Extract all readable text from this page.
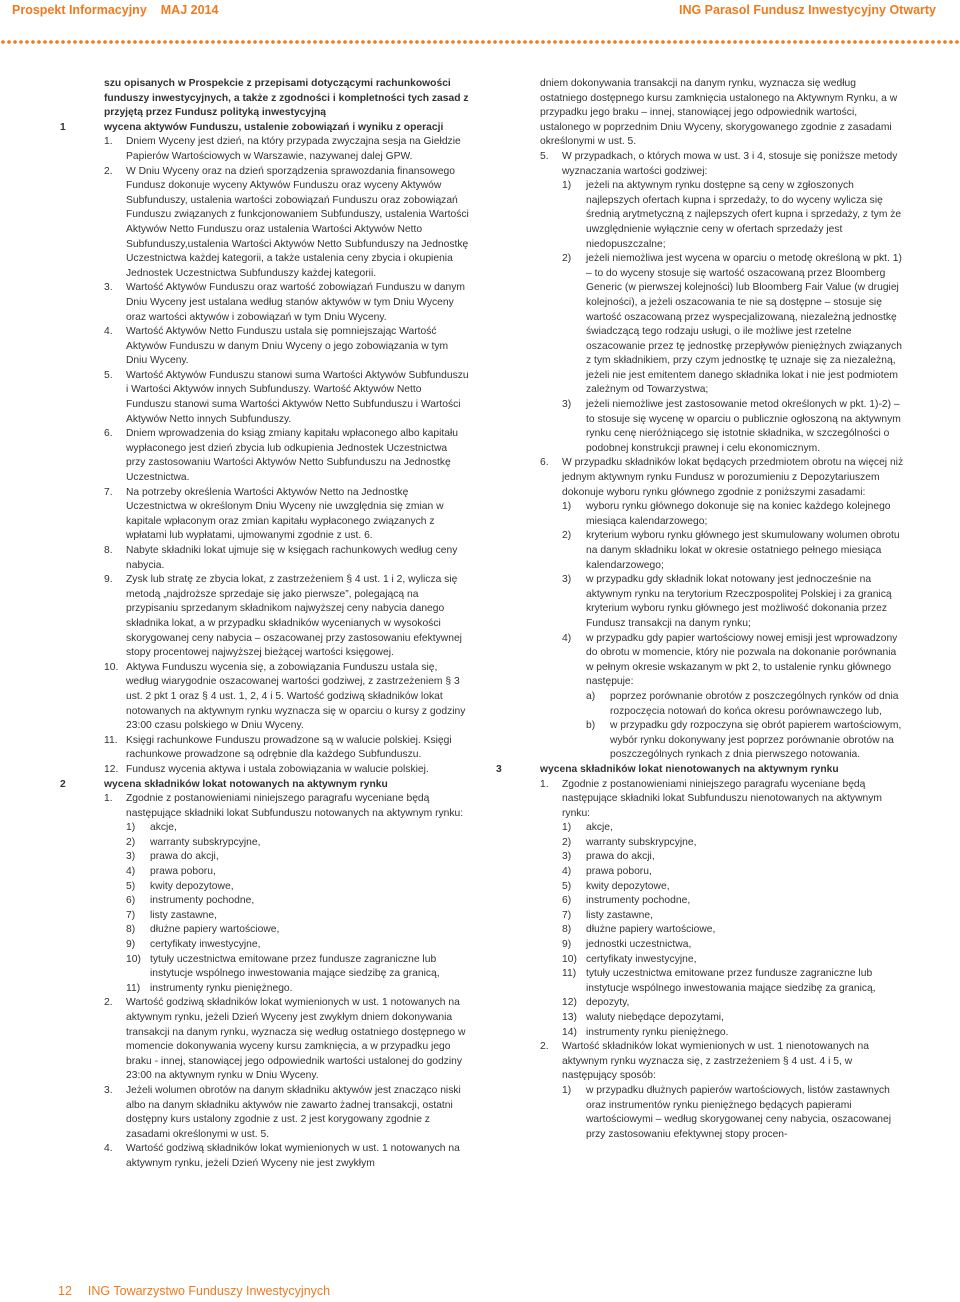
Prospekt Informacyjny MAJ 2014	ING Parasol Fundusz Inwestycyjny Otwarty

szu opisanych w Prospekcie z przepisami dotyczącymi rachunkowości funduszy inwestycyjnych, a także z zgodności i kompletności tych zasad z przyjętą przez Fundusz polityką inwestycyjną

1	wycena aktywów Funduszu, ustalenie zobowiązań i wyniku z operacji

1. Dniem Wyceny jest dzień, na który przypada zwyczajna sesja na Giełdzie Papierów Wartościowych w Warszawie, nazywanej dalej GPW.
2. W Dniu Wyceny oraz na dzień sporządzenia sprawozdania finansowego Fundusz dokonuje wyceny Aktywów Funduszu oraz wyceny Aktywów Subfunduszy, ustalenia wartości zobowiązań Funduszu oraz zobowiązań Funduszu związanych z funkcjonowaniem Subfunduszy, ustalenia Wartości Aktywów Netto Funduszu oraz ustalenia Wartości Aktywów Netto Subfunduszy,ustalenia Wartości Aktywów Netto Subfunduszy na Jednostkę Uczestnictwa każdej kategorii, a także ustalenia ceny zbycia i okupienia Jednostek Uczestnictwa Subfunduszy każdej kategorii.
3. Wartość Aktywów Funduszu oraz wartość zobowiązań Funduszu w danym Dniu Wyceny jest ustalana według stanów aktywów w tym Dniu Wyceny oraz wartości aktywów i zobowiązań w tym Dniu Wyceny.
4. Wartość Aktywów Netto Funduszu ustala się pomniejszając Wartość Aktywów Funduszu w danym Dniu Wyceny o jego zobowiązania w tym Dniu Wyceny.
5. Wartość Aktywów Funduszu stanowi suma Wartości Aktywów Subfunduszu i Wartości Aktywów innych Subfunduszy. Wartość Aktywów Netto Funduszu stanowi suma Wartości Aktywów Netto Subfunduszu i Wartości Aktywów Netto innych Subfunduszy.
6. Dniem wprowadzenia do ksiąg zmiany kapitału wpłaconego albo kapitału wypłaconego jest dzień zbycia lub odkupienia Jednostek Uczestnictwa przy zastosowaniu Wartości Aktywów Netto Subfunduszu na Jednostkę Uczestnictwa.
7. Na potrzeby określenia Wartości Aktywów Netto na Jednostkę Uczestnictwa w określonym Dniu Wyceny nie uwzględnia się zmian w kapitale wpłaconym oraz zmian kapitału wypłaconego związanych z wpłatami lub wypłatami, ujmowanymi zgodnie z ust. 6.
8. Nabyte składniki lokat ujmuje się w księgach rachunkowych według ceny nabycia.
9. Zysk lub stratę ze zbycia lokat, z zastrzeżeniem § 4 ust. 1 i 2, wylicza się metodą „najdroższe sprzedaje się jako pierwsze”, polegającą na przypisaniu sprzedanym składnikom najwyższej ceny nabycia danego składnika lokat, a w przypadku składników wycenianych w wysokości skorygowanej ceny nabycia – oszacowanej przy zastosowaniu efektywnej stopy procentowej najwyższej bieżącej wartości księgowej.
10. Aktywa Funduszu wycenia się, a zobowiązania Funduszu ustala się, według wiarygodnie oszacowanej wartości godziwej, z zastrzeżeniem § 3 ust. 2 pkt 1 oraz § 4 ust. 1, 2, 4 i 5. Wartość godziwą składników lokat notowanych na aktywnym rynku wyznacza się w oparciu o kursy z godziny 23:00 czasu polskiego w Dniu Wyceny.
11. Księgi rachunkowe Funduszu prowadzone są w walucie polskiej. Księgi rachunkowe prowadzone są odrębnie dla każdego Subfunduszu.
12. Fundusz wycenia aktywa i ustala zobowiązania w walucie polskiej.
2	wycena składników lokat notowanych na aktywnym rynku

1. Zgodnie z postanowieniami niniejszego paragrafu wyceniane będą następujące składniki lokat Subfunduszu notowanych na aktywnym rynku:
1) akcje,
2) warranty subskrypcyjne,
3) prawa do akcji,
4) prawa poboru,
5) kwity depozytowe,
6) instrumenty pochodne,
7) listy zastawne,
8) dłużne papiery wartościowe,
9) certyfikaty inwestycyjne,
10) tytuły uczestnictwa emitowane przez fundusze zagraniczne lub instytucje wspólnego inwestowania mające siedzibę za granicą,
11) instrumenty rynku pieniężnego.
2. Wartość godziwą składników lokat wymienionych w ust. 1 notowanych na aktywnym rynku, jeżeli Dzień Wyceny jest zwykłym dniem dokonywania transakcji na danym rynku, wyznacza się według ostatniego dostępnego w momencie dokonywania wyceny kursu zamknięcia, a w przypadku jego braku - innej, stanowiącej jego odpowiednik wartości ustalonej do godziny 23:00 na aktywnym rynku w Dniu Wyceny.
3. Jeżeli wolumen obrotów na danym składniku aktywów jest znacząco niski albo na danym składniku aktywów nie zawarto żadnej transakcji, ostatni dostępny kurs ustalony zgodnie z ust. 2 jest korygowany zgodnie z zasadami określonymi w ust. 5.
4. Wartość godziwą składników lokat wymienionych w ust. 1 notowanych na aktywnym rynku, jeżeli Dzień Wyceny nie jest zwykłym

dniem dokonywania transakcji na danym rynku, wyznacza się według ostatniego dostępnego kursu zamknięcia ustalonego na Aktywnym Rynku, a w przypadku jego braku – innej, stanowiącej jego odpowiednik wartości, ustalonego w poprzednim Dniu Wyceny, skorygowanego zgodnie z zasadami określonymi w ust. 5.

5. W przypadkach, o których mowa w ust. 3 i 4, stosuje się poniższe metody wyznaczania wartości godziwej:
1) jeżeli na aktywnym rynku dostępne są ceny w zgłoszonych najlepszych ofertach kupna i sprzedaży, to do wyceny wylicza się średnią arytmetyczną z najlepszych ofert kupna i sprzedaży, z tym że uwzględnienie wyłącznie ceny w ofertach sprzedaży jest niedopuszczalne;
2) jeżeli niemożliwa jest wycena w oparciu o metodę określoną w pkt. 1) – to do wyceny stosuje się wartość oszacowaną przez Bloomberg Generic (w pierwszej kolejności) lub Bloomberg Fair Value (w drugiej kolejności), a jeżeli oszacowania te nie są dostępne – stosuje się wartość oszacowaną przez wyspecjalizowaną, niezależną jednostkę świadczącą tego rodzaju usługi, o ile możliwe jest rzetelne oszacowanie przez tę jednostkę przepływów pieniężnych związanych z tym składnikiem, przy czym jednostkę tę uznaje się za niezależną, jeżeli nie jest emitentem danego składnika lokat i nie jest podmiotem zależnym od Towarzystwa;
3) jeżeli niemożliwe jest zastosowanie metod określonych w pkt. 1)-2) – to stosuje się wycenę w oparciu o publicznie ogłoszoną na aktywnym rynku cenę nieróżniącego się istotnie składnika, w szczególności o podobnej konstrukcji prawnej i celu ekonomicznym.
6. W przypadku składników lokat będących przedmiotem obrotu na więcej niż jednym aktywnym rynku Fundusz w porozumieniu z Depozytariuszem dokonuje wyboru rynku głównego zgodnie z poniższymi zasadami:
1) wyboru rynku głównego dokonuje się na koniec każdego kolejnego miesiąca kalendarzowego;
2) kryterium wyboru rynku głównego jest skumulowany wolumen obrotu na danym składniku lokat w okresie ostatniego pełnego miesiąca kalendarzowego;
3) w przypadku gdy składnik lokat notowany jest jednocześnie na aktywnym rynku na terytorium Rzeczpospolitej Polskiej i za granicą kryterium wyboru rynku głównego jest możliwość dokonania przez Fundusz transakcji na danym rynku;
4) w przypadku gdy papier wartościowy nowej emisji jest wprowadzony do obrotu w momencie, który nie pozwala na dokonanie porównania w pełnym okresie wskazanym w pkt 2, to ustalenie rynku głównego następuje:
a) poprzez porównanie obrotów z poszczególnych rynków od dnia rozpoczęcia notowań do końca okresu porównawczego lub,
b) w przypadku gdy rozpoczyna się obrót papierem wartościowym, wybór rynku dokonywany jest poprzez porównanie obrotów na poszczególnych rynkach z dnia pierwszego notowania.
3	wycena składników lokat nienotowanych na aktywnym rynku

1. Zgodnie z postanowieniami niniejszego paragrafu wyceniane będą następujące składniki lokat Subfunduszu nienotowanych na aktywnym rynku:
1) akcje,
2) warranty subskrypcyjne,
3) prawa do akcji,
4) prawa poboru,
5) kwity depozytowe,
6) instrumenty pochodne,
7) listy zastawne,
8) dłużne papiery wartościowe,
9) jednostki uczestnictwa,
10) certyfikaty inwestycyjne,
11) tytuły uczestnictwa emitowane przez fundusze zagraniczne lub instytucje wspólnego inwestowania mające siedzibę za granicą,
12) depozyty,
13) waluty niebędące depozytami,
14) instrumenty rynku pieniężnego.
2. Wartość składników lokat wymienionych w ust. 1 nienotowanych na aktywnym rynku wyznacza się, z zastrzeżeniem § 4 ust. 4 i 5, w następujący sposób:
1) w przypadku dłużnych papierów wartościowych, listów zastawnych oraz instrumentów rynku pieniężnego będących papierami wartościowymi – według skorygowanej ceny nabycia, oszacowanej przy zastosowaniu efektywnej stopy procen-
12 ING Towarzystwo Funduszy Inwestycyjnych
